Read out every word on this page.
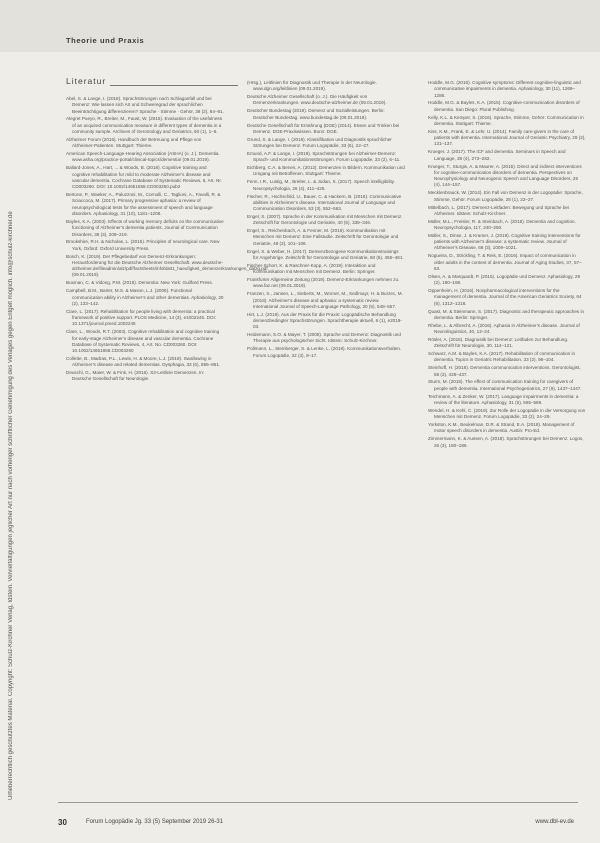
Theorie und Praxis
Urheberrechtlich geschütztes Material. Copyright: Schulz-Kirchner Verlag, Idstein. Vervielfältigungen jeglicher Art nur nach vorheriger schriftlicher Genehmigung des Verlages gegen Entgelt möglich. info@schulz-kirchner.de
Literatur
Abel, S. & Lange, I. (2018). Sprachstörungen nach Schlaganfall und bei Demenz: Wie lassen sich Art und Schweregrad der sprachlichen Beeinträchtigung differenzieren? Sprache · Stimme · Gehör, 38 (2), 84–91.
Alegret Pueyo, R., Breiter, M., Faust, W. (2015). Evaluation of the usefulness of an acquired communication measure in different types of dementia in a community sample. Archives of Gerontology and Geriatrics, 60 (1), 1–6.
Alzheimer Forum (2016). Handbuch der Betreuung und Pflege von Alzheimer-Patienten. Stuttgart: Thieme.
American Speech-Language-Hearing Association (ASHA) (o. J.). Dementia. www.asha.org/practice-portal/clinical-topics/dementia/ (09.01.2019).
Ballard-Jones, A., Hart, ... & Woods, B. (2018). Cognitive training and cognitive rehabilitation for mild to moderate Alzheimer’s disease and vascular dementia. Cochrane Database of Systematic Reviews, 6, Art. Nr. CD003260. DOI: 10.1002/14651858.CD003260.pub2
Bertone, P., Waeker, A., Paluzzoni, M., Cornulli, C., Taglioni, A., Favalli, R. & Sciaccoca, M. (2017). Primary progressive aphasia: a review of neuropsychological tests for the assessment of speech and language disorders. Aphasiology, 31 (10), 1181–1208.
Bayles, K.A. (2003). Effects of working memory deficits on the communicative functioning of Alzheimer’s dementia patients. Journal of Communication Disorders, 36 (3), 209–219.
Brookshire, R.H. & Nicholas, L. (2015). Principles of neurological care. New York, Oxford: Oxford University Press.
Bosch, K. (2019). Der Pflegebedarf von Demenz-Erkrankungen: Herausforderung für die Deutsche Alzheimer Gesellschaft. www.deutsche-alzheimer.de/fileadmin/alz/pdf/factsheets/infoblatt1_haeufigkeit_demenzerkrankungen_dalzg.pdf (09.01.2019).
Buxman, C. & Vidong, P.M. (2016). Dementia: New York: Guilford Press.
Campbell, B.M., Barter, M.S. & Mason, L.J. (2006). Functional communication ability in Alzheimer’s and other dementias. Aphasiology, 20 (2), 133–142.
Clare, L. (2017). Rehabilitation for people living with dementia: a practical framework of positive support. PLOS Medicine, 14 (3), e1002245. DOI: 10.1371/journal.pmed.1002245
Clare, L., Woods, R.T. (2003). Cognitive rehabilitation and cognitive training for early-stage Alzheimer’s disease and vascular dementia. Cochrane Database of Systematic Reviews, 4, Art. No. CD003260. DOI: 10.1002/14651858.CD003260
Collette, B., Madras, P.L., Lewis, H. & Moore, L.J. (2018). Swallowing in Alzheimer’s disease and related dementias. Dysphagia, 33 (6), 855–861.
Deuschl, G., Maier, W. & Fink, H. (2016). S3-Leitlinie Demenzen. In: Deutsche Gesellschaft für Neurologie.
(Hrsg.), Leitlinien für Diagnostik und Therapie in der Neurologie. www.dgn.org/leitlinien (09.01.2019).
Deutsche Alzheimer Gesellschaft (o. J.). Die Häufigkeit von Demenzerkrankungen. www.deutsche-alzheimer.de (09.01.2019).
Deutscher Bundestag (2019). Demenz und Sozialleistungen. Berlin: Deutscher Bundestag. www.bundestag.de (09.01.2019).
Deutsche Gesellschaft für Ernährung (DGE) (2014). Essen und Trinken bei Demenz. DGE-Praxiswissen. Bonn: DGE.
Grund, S. & Lange, I. (2019). Klassifikation und Diagnostik sprachlicher Störungen bei Demenz. Forum Logopädie, 33 (5), 22–27.
Emund, A.F. & Lange, I. (2019). Sprachstörungen bei Alzheimer-Demenz: Sprach- und Kommunikationsstörungen. Forum Logopädie, 33 (2), 6–11.
Eichberg, C.A. & Benes, A. (2012). Demenzen in Bildern. Kommunikation und Umgang mit Betroffenen. Stuttgart: Thieme.
Fenn, I.R., Lustig, M., Breiter, L. & Jodan, S. (2017). Speech intelligibility. Neuropsychologia, 26 (4), 411–425.
Fischer, R., Hochschild, U., Bauer, C. & Hackern, B. (2018). Communicative abilities in Alzheimer’s disease. International Journal of Language and Communication Disorders, 53 (3), 552–563.
Engel, S. (2007). Sprache in der Kommunikation mit Menschen mit Demenz. Zeitschrift für Gerontologie und Geriatrie, 40 (5), 339–346.
Engel, S., Reichenbach, A. & Fenner, M. (2016). Kommunikation mit Menschen mit Demenz: Eine Fallstudie. Zeitschrift für Gerontologie und Geriatrie, 49 (2), 101–106.
Engel, S. & Weber, H. (2017). Demenzbezogene Kommunikationstrainings für Angehörige. Zeitschrift für Gerontologie und Geriatrie, 50 (5), 455–461.
Fischer-Schorr, K. & Raschner-Kopp, A. (2019). Interaktion und Kommunikation mit Menschen mit Demenz. Berlin: Springer.
Frankfurter Allgemeine Zeitung (2019). Demenz-Erkrankungen nehmen zu. www.faz.net (09.01.2019).
Franzen, S., Jansen, L., Sieberts, M., Worner, M., Sedlmayr, H. & Burzec, M. (2018). Alzheimer’s disease and aphasia: a systematic review. International Journal of Speech-Language Pathology, 20 (5), 548–557.
Hirt, L.J. (2019). Aus der Praxis für die Praxis: Logopädische Behandlung demenzbedingter Sprachstörungen. Sprachtherapie aktuell, 6 (1), e2019-03.
Heidemann, S.O. & Mayer, T. (2008). Sprache und Demenz: Diagnostik und Therapie aus psychologischer Sicht. Idstein: Schulz-Kirchner.
Pollmann, L., Steinberger, S. & Lenke, L. (2018). Kommunikationsverhalten. Forum Logopädie, 32 (3), 8–17.
Hoddle, M.G. (2016). Cognitive symptoms: Different cognitive-linguistic and communicative impairments in dementia. Aphasiology, 30 (11), 1269–1286.
Hoddle, M.G. & Bayles, K.A. (2015). Cognitive-communication disorders of dementia. San Diego: Plural Publishing.
Kelly, K.L. & Kemper, S. (2016). Sprache, Stimme, Gehör: Communication in dementia. Stuttgart: Thieme.
Kiss, K.M., Frank, E. & Lehr, U. (2014). Family care-givers in the care of patients with dementia. International Journal of Geriatric Psychiatry, 29 (2), 131–137.
Krueger, J. (2017). The ICF and dementia. Seminars in Speech and Language, 38 (4), 273–282.
Krueger, T., Sturgis, A. & Maurer, A. (2015). Direct and indirect interventions for cognitive-communication disorders of dementia. Perspectives on Neurophysiology and Neurogenic Speech and Language Disorders, 25 (4), 144–157.
Mecklenbrauck, W. (2014). Ein Fall von Demenz in der Logopädie: Sprache, Stimme, Gehör. Forum Logopädie, 28 (1), 22–27.
Mittelbach, L. (2017). Demenz-Leitfaden: Bewegung und Sprache bei Alzheimer. Idstein: Schulz-Kirchner.
Müller, M.L., Freisler, R. & Steinbach, A. (2018). Dementia and cognition. Neuropsychologia, 117, 240–250.
Müller, S., Dinse, J. & Kramer, J. (2019). Cognitive training interventions for patients with Alzheimer’s disease: a systematic review. Journal of Alzheimer’s Disease, 68 (3), 1009–1021.
Nogueira, D., Strickling, T. & Reis, E. (2016). Impact of communication in older adults in the context of dementia. Journal of Aging Studies, 37, 57–63.
Olsen, A. & Marquardt, P. (2015). Logopädie und Demenz. Aphasiology, 29 (2), 180–198.
Oppenheim, H. (2016). Nonpharmacological interventions for the management of dementia. Journal of the American Geriatrics Society, 64 (6), 1312–1318.
Quast, M. & Steinmann, S. (2017). Diagnostic and therapeutic approaches in dementia. Berlin: Springer.
Rhebe, L. & Albrecht, A. (2016). Aphasia in Alzheimer’s disease. Journal of Neurolinguistics, 40, 12–24.
Rösler, A. (2016). Diagnostik bei Demenz: Leitfaden zur Behandlung. Zeitschrift für Neurologie, 30, 114–121.
Schwarz, A.M. & Bayles, K.A. (2017). Rehabilitation of communication in dementia. Topics in Geriatric Rehabilitation, 33 (2), 96–104.
Steinhoff, H. (2018). Dementia communication interventions. Gerontologist, 58 (3), 428–437.
Sturm, M. (2015). The effect of communication training for caregivers of people with dementia. International Psychogeriatrics, 27 (9), 1437–1447.
Teichmann, A. & Zenker, W. (2017). Language impairments in dementia: a review of the literature. Aphasiology, 31 (5), 565–589.
Wendel, H. & Kehl, C. (2019). Zur Rolle der Logopädie in der Versorgung von Menschen mit Demenz. Forum Logopädie, 33 (2), 24–29.
Yorkston, K.M., Beukelman, D.R. & Strand, E.A. (2018). Management of motor speech disorders in dementia. Austin: Pro-Ed.
Zimmermann, K. & Aussen, A. (2018). Sprachstörungen bei Demenz. Logos, 26 (3), 180–189.
30	Forum Logopädie Jg. 33 (5) September 2019 26-31	www.dbl-ev.de
